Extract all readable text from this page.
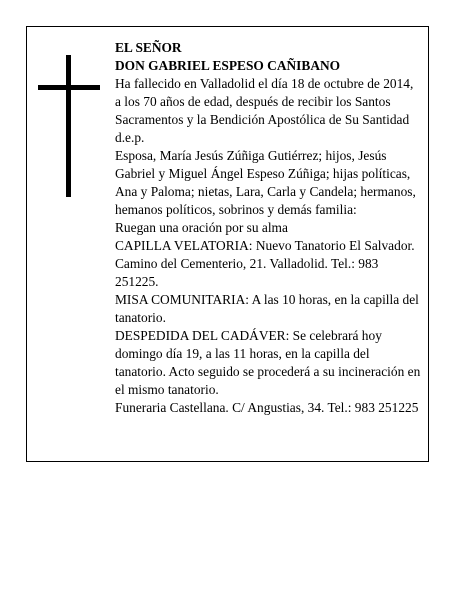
EL SEÑOR

DON GABRIEL ESPESO CAÑIBANO

Ha fallecido en Valladolid el día 18 de octubre de 2014, a los 70 años de edad, después de recibir los Santos Sacramentos y la Bendición Apostólica de Su Santidad d.e.p.

Esposa, María Jesús Zúñiga Gutiérrez; hijos, Jesús Gabriel y Miguel Ángel Espeso Zúñiga; hijas políticas, Ana y Paloma; nietas, Lara, Carla y Candela; hermanos, hemanos políticos, sobrinos y demás familia:

Ruegan una oración por su alma

CAPILLA VELATORIA: Nuevo Tanatorio El Salvador. Camino del Cementerio, 21. Valladolid. Tel.: 983 251225.

MISA COMUNITARIA: A las 10 horas, en la capilla del tanatorio.

DESPEDIDA DEL CADÁVER: Se celebrará hoy domingo día 19, a las 11 horas, en la capilla del tanatorio. Acto seguido se procederá a su incineración en el mismo tanatorio.

Funeraria Castellana. C/ Angustias, 34. Tel.: 983 251225
